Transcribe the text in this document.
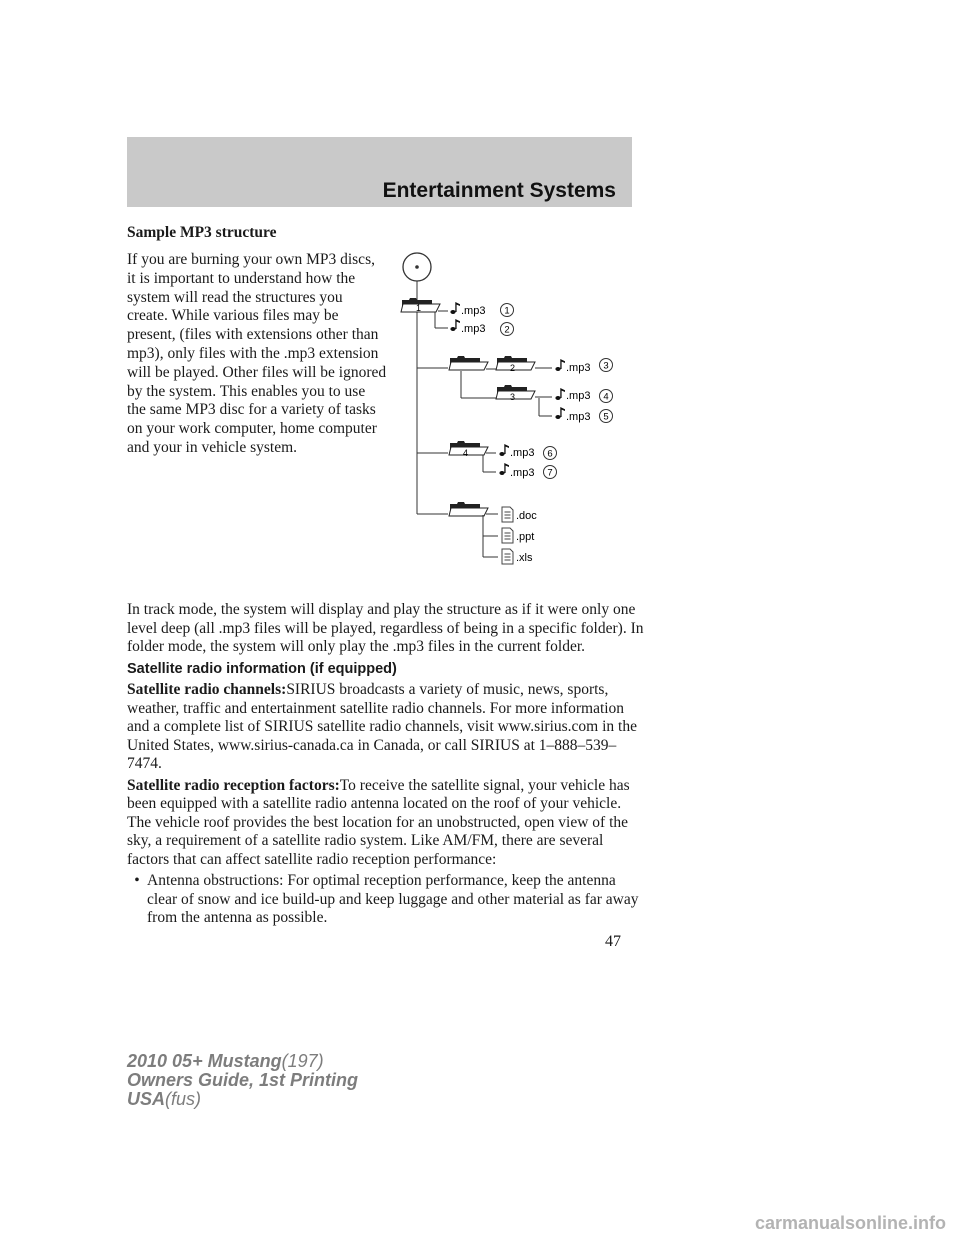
Entertainment Systems
Sample MP3 structure

If you are burning your own MP3 discs, it is important to understand how the system will read the structures you create. While various files may be present, (files with extensions other than mp3), only files with the .mp3 extension will be played. Other files will be ignored by the system. This enables you to use the same MP3 disc for a variety of tasks on your work computer, home computer and your in vehicle system.

1	.mp3 1
.mp3 2
2	.mp3 3
3	.mp3 4
.mp3 5
4	.mp3 6
.mp3 7
.doc
.ppt
.xls

In track mode, the system will display and play the structure as if it were only one level deep (all .mp3 files will be played, regardless of being in a specific folder). In folder mode, the system will only play the .mp3 files in the current folder.

Satellite radio information (if equipped)

Satellite radio channels:SIRIUS broadcasts a variety of music, news, sports, weather, traffic and entertainment satellite radio channels. For more information and a complete list of SIRIUS satellite radio channels, visit www.sirius.com in the United States, www.sirius-canada.ca in Canada, or call SIRIUS at 1–888–539–7474.

Satellite radio reception factors:To receive the satellite signal, your vehicle has been equipped with a satellite radio antenna located on the roof of your vehicle. The vehicle roof provides the best location for an unobstructed, open view of the sky, a requirement of a satellite radio system. Like AM/FM, there are several factors that can affect satellite radio reception performance:

• Antenna obstructions: For optimal reception performance, keep the antenna clear of snow and ice build-up and keep luggage and other material as far away from the antenna as possible.
47
2010 05+ Mustang(197)
Owners Guide, 1st Printing
USA(fus)
carmanualsonline.info
